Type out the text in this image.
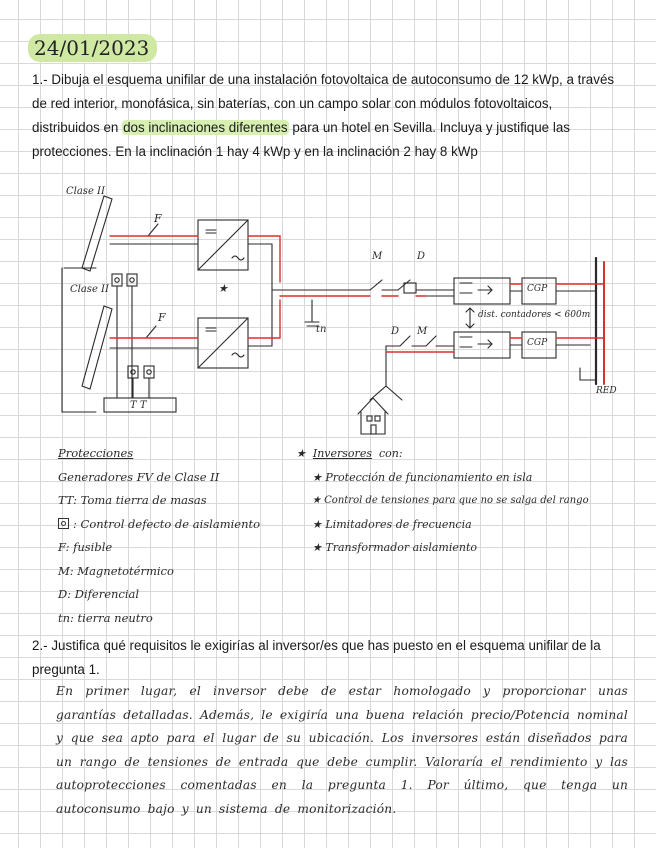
24/01/2023
1.- Dibuja el esquema unifilar de una instalación fotovoltaica de autoconsumo de 12 kWp, a través de red interior, monofásica, sin baterías, con un campo solar con módulos fotovoltaicos, distribuidos en dos inclinaciones diferentes para un hotel en Sevilla. Incluya y justifique las protecciones. En la inclinación 1 hay 4 kWp y en la inclinación 2 hay 8 kWp
Clase II
Clase II
F
F
★
T T
tn
M	D
D M
CGP
CGP
dist. contadores < 600m
RED
Protecciones
Generadores FV de Clase II
TT: Toma tierra de masas
: Control defecto de aislamiento
F: fusible
M: Magnetotérmico
D: Diferencial
tn: tierra neutro
★ Inversores con:
★ Protección de funcionamiento en isla
★ Control de tensiones para que no se salga del rango
★ Limitadores de frecuencia
★ Transformador aislamiento
2.- Justifica qué requisitos le exigirías al inversor/es que has puesto en el esquema unifilar de la pregunta 1.
En primer lugar, el inversor debe de estar homologado y proporcionar unas garantías detalladas. Además, le exigiría una buena relación precio/Potencia nominal y que sea apto para el lugar de su ubicación. Los inversores están diseñados para un rango de tensiones de entrada que debe cumplir. Valoraría el rendimiento y las autoprotecciones comentadas en la pregunta 1. Por último, que tenga un autoconsumo bajo y un sistema de monitorización.
